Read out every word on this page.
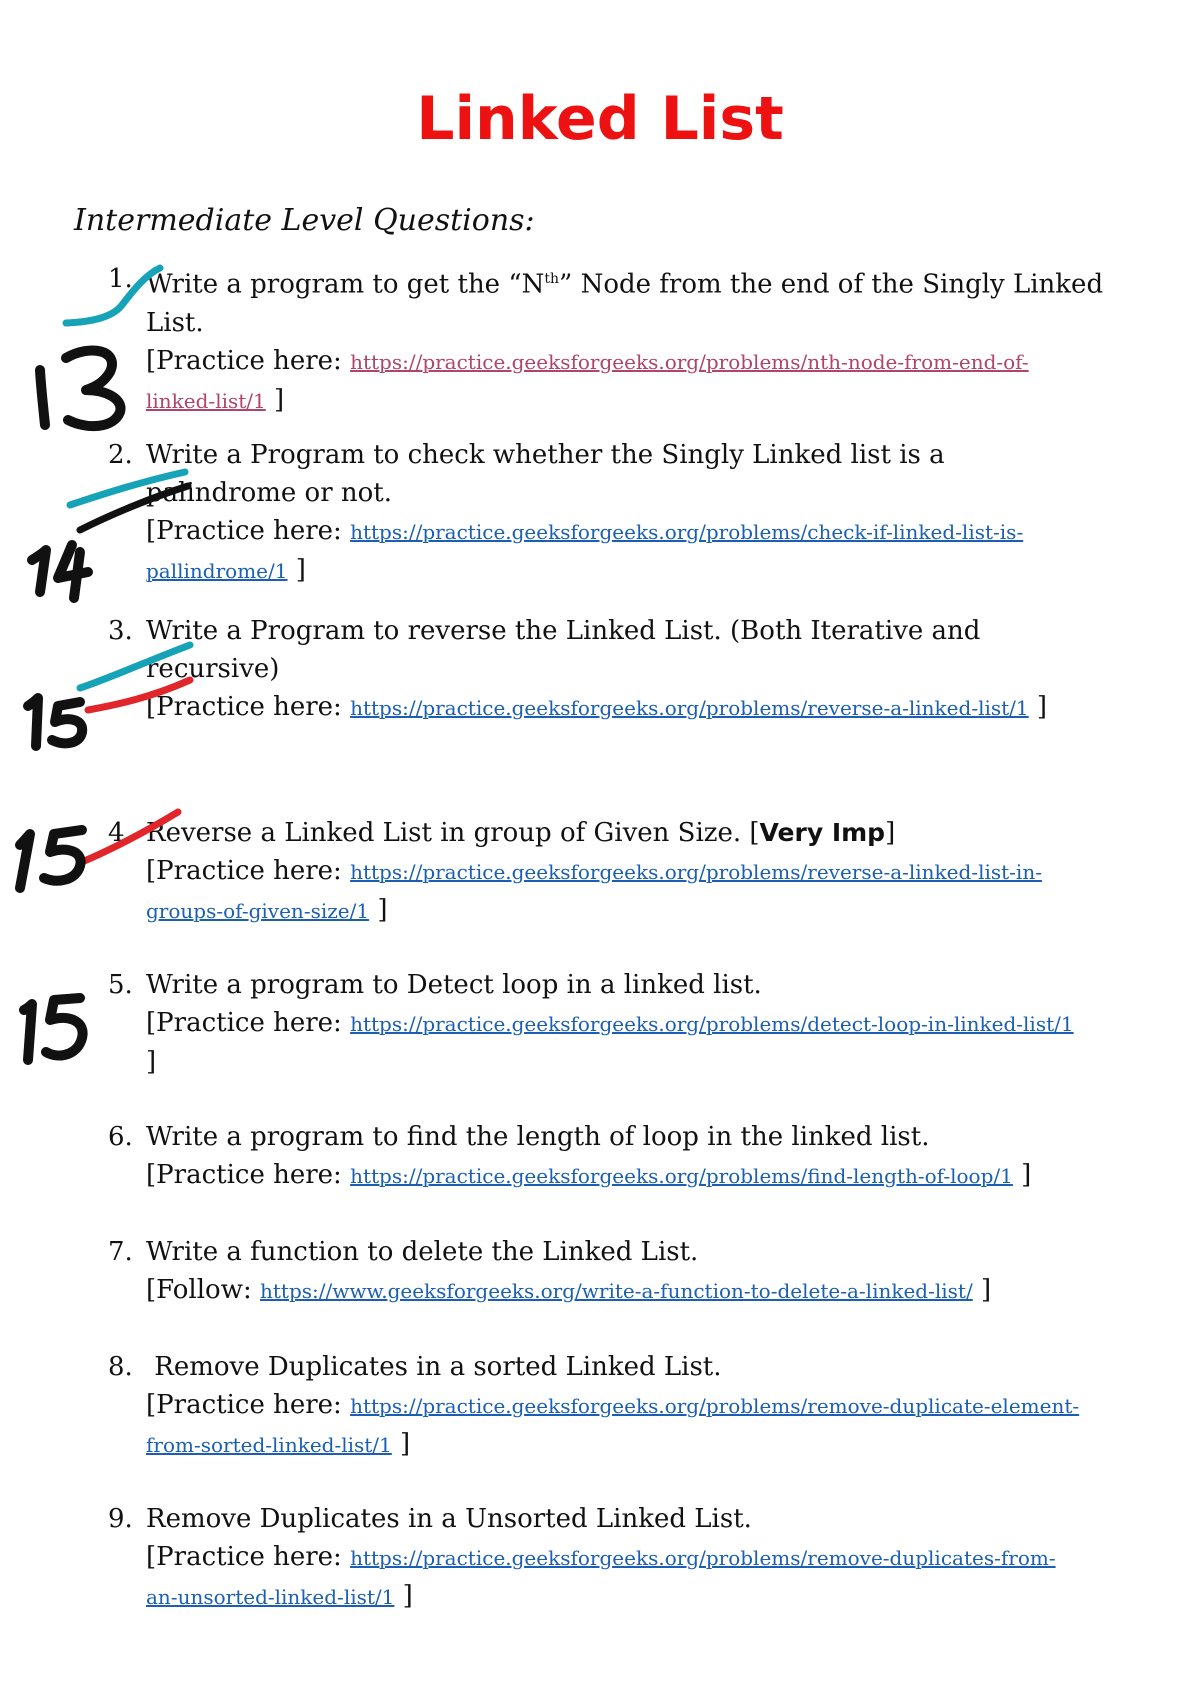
Linked List
Intermediate Level Questions:
1. Write a program to get the “$N^{th}$” Node from the end of the Singly Linked
List.
[Practice here: https://practice.geeksforgeeks.org/problems/nth-node-from-end-of-
linked-list/1 ]
2. Write a Program to check whether the Singly Linked list is a
palindrome or not.
[Practice here: https://practice.geeksforgeeks.org/problems/check-if-linked-list-is-
pallindrome/1 ]
3. Write a Program to reverse the Linked List. (Both Iterative and
recursive)
[Practice here: https://practice.geeksforgeeks.org/problems/reverse-a-linked-list/1 ]
4. Reverse a Linked List in group of Given Size. [Very Imp]
[Practice here: https://practice.geeksforgeeks.org/problems/reverse-a-linked-list-in-
groups-of-given-size/1 ]
5. Write a program to Detect loop in a linked list.
[Practice here: https://practice.geeksforgeeks.org/problems/detect-loop-in-linked-list/1
]
6. Write a program to find the length of loop in the linked list.
[Practice here: https://practice.geeksforgeeks.org/problems/find-length-of-loop/1 ]
7. Write a function to delete the Linked List.
[Follow: https://www.geeksforgeeks.org/write-a-function-to-delete-a-linked-list/ ]
8. Remove Duplicates in a sorted Linked List.
[Practice here: https://practice.geeksforgeeks.org/problems/remove-duplicate-element-
from-sorted-linked-list/1 ]
9. Remove Duplicates in a Unsorted Linked List.
[Practice here: https://practice.geeksforgeeks.org/problems/remove-duplicates-from-
an-unsorted-linked-list/1 ]
